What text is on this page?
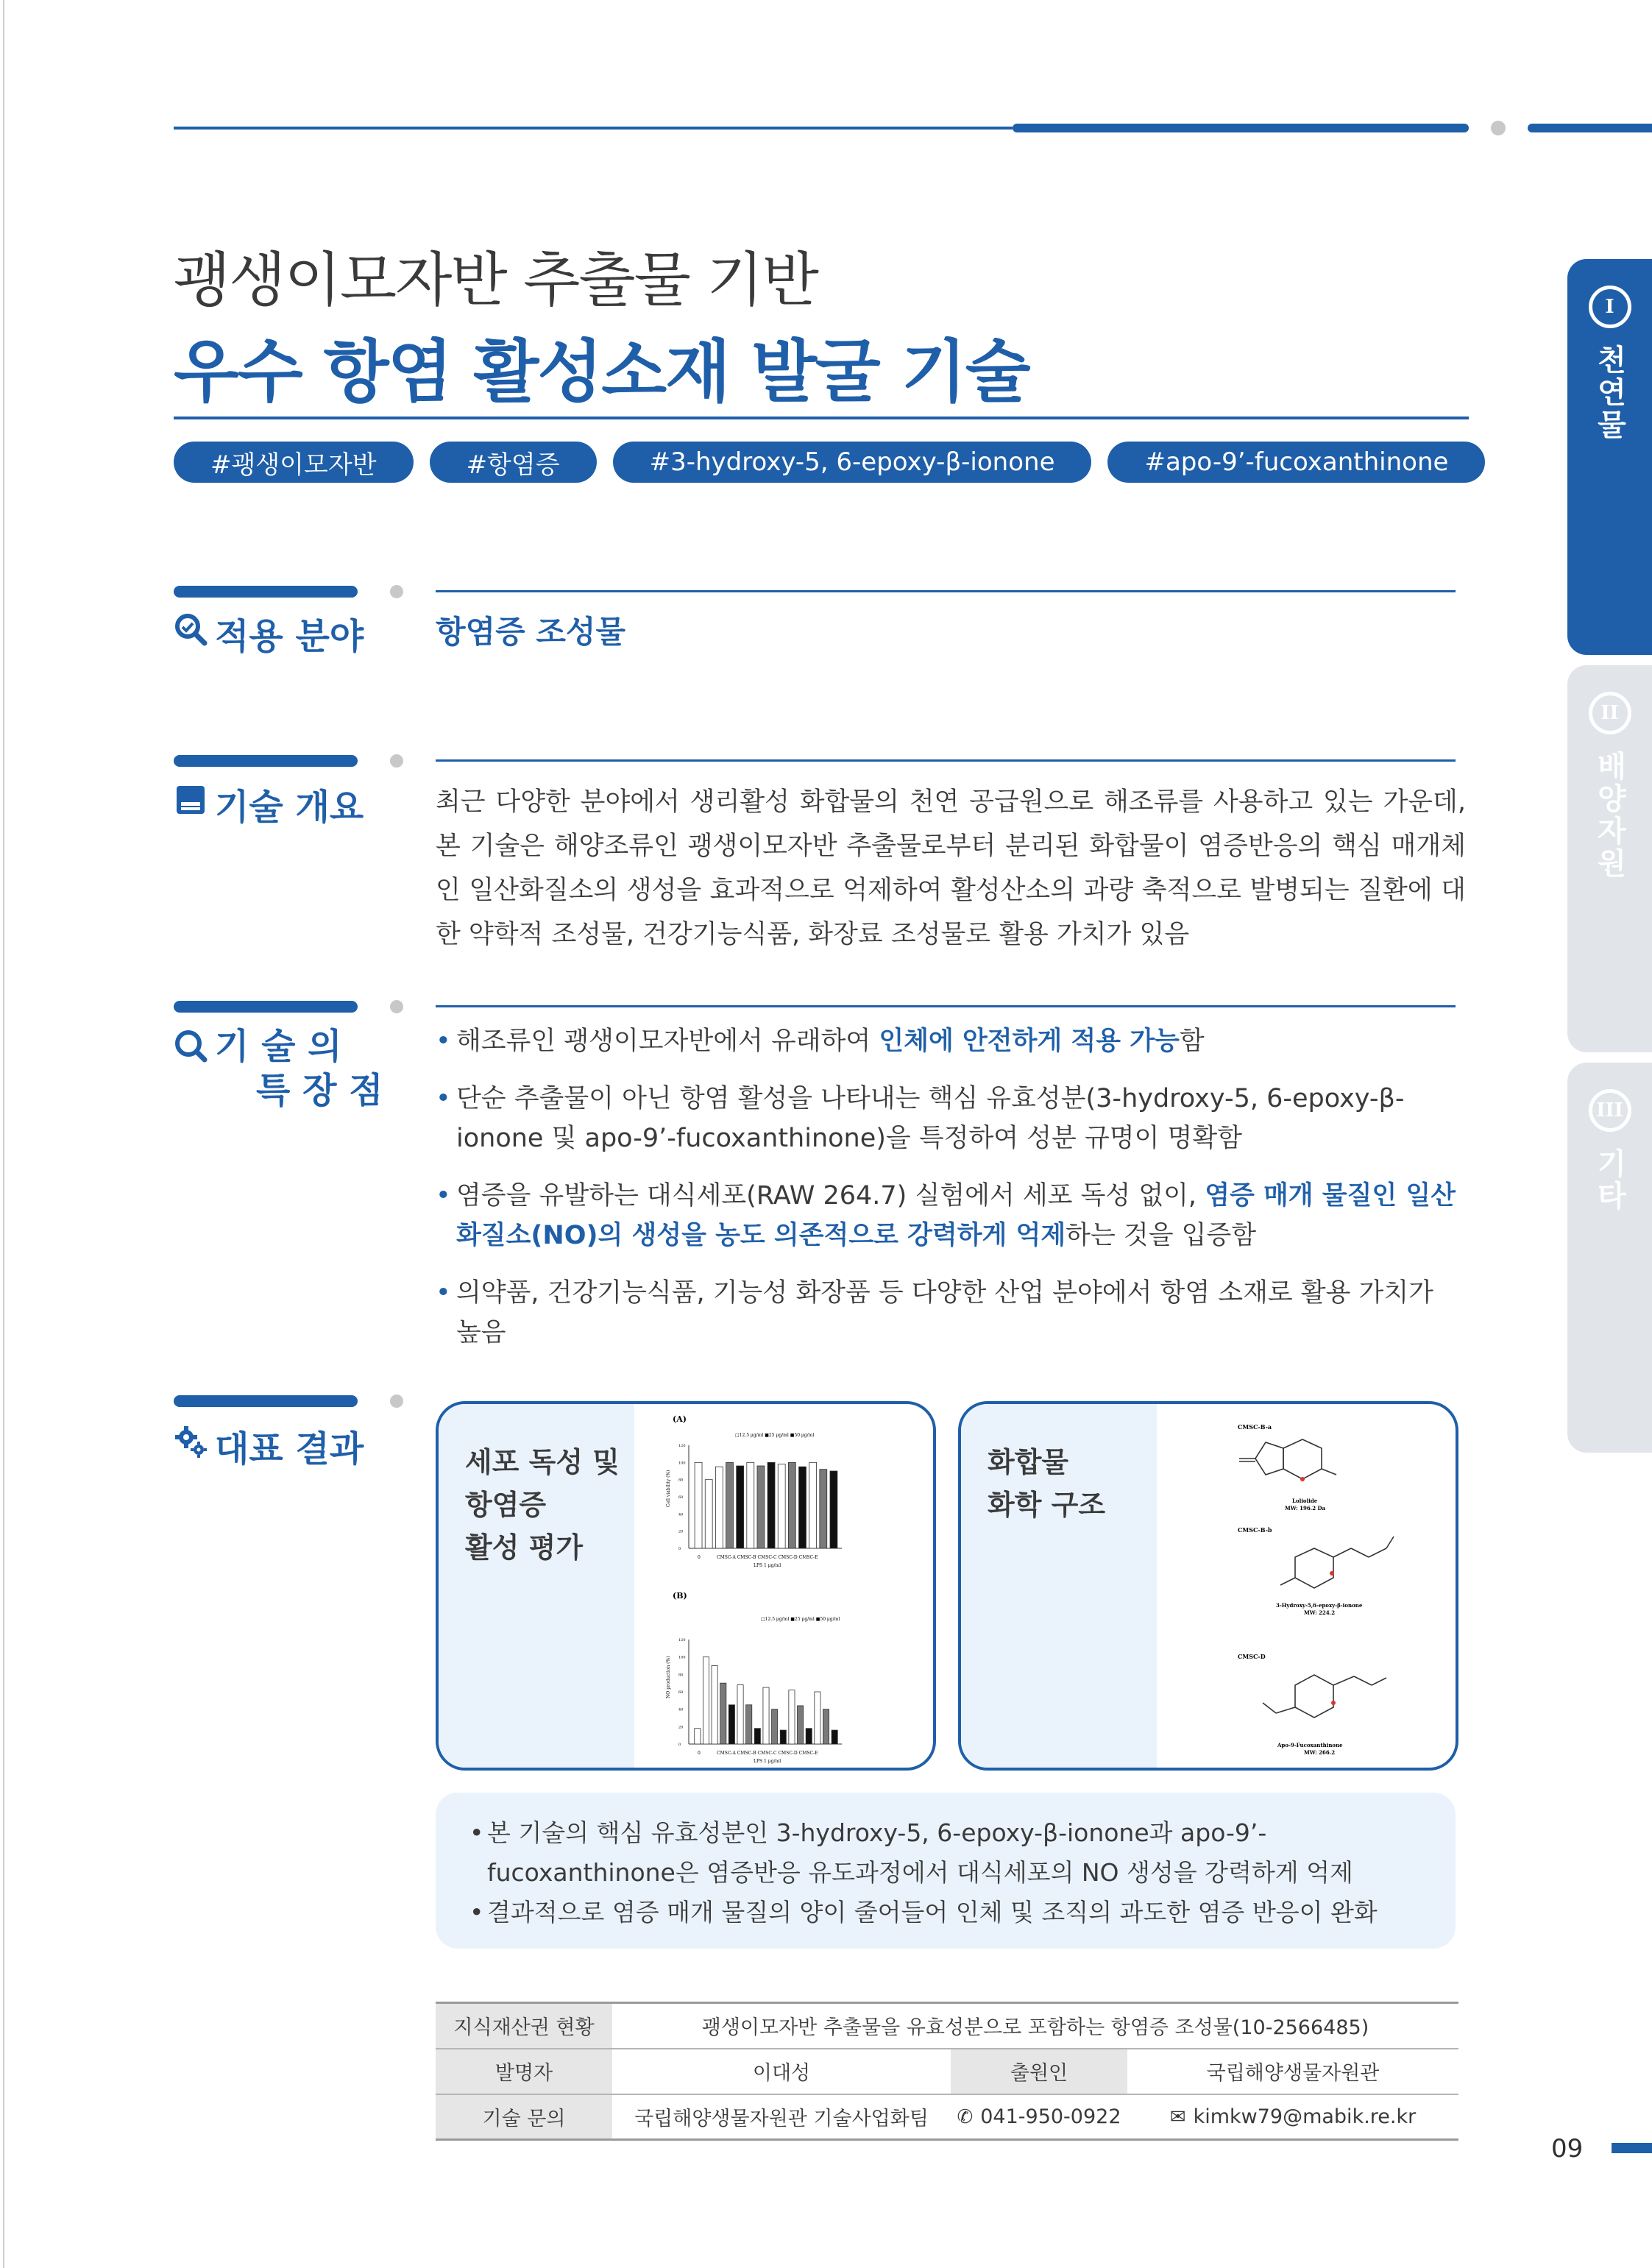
I
천연물
II
배양자원
III
기타
괭생이모자반 추출물 기반
우수 항염 활성소재 발굴 기술
#괭생이모자반	#항염증	#3-hydroxy-5, 6-epoxy-β-ionone	#apo-9’-fucoxanthinone
적용 분야 항염증 조성물
기술 개요	최근 다양한 분야에서 생리활성 화합물의 천연 공급원으로 해조류를 사용하고 있는 가운데, 본 기술은 해양조류인 괭생이모자반 추출물로부터 분리된 화합물이 염증반응의 핵심 매개체인 일산화질소의 생성을 효과적으로 억제하여 활성산소의 과량 축적으로 발병되는 질환에 대한 약학적 조성물, 건강기능식품, 화장료 조성물로 활용 가치가 있음
기 술 의
특 장 점
• 해조류인 괭생이모자반에서 유래하여 인체에 안전하게 적용 가능함
• 단순 추출물이 아닌 항염 활성을 나타내는 핵심 유효성분(3-hydroxy-5, 6-epoxy-β-ionone 및 apo-9’-fucoxanthinone)을 특정하여 성분 규명이 명확함
• 염증을 유발하는 대식세포(RAW 264.7) 실험에서 세포 독성 없이, 염증 매개 물질인 일산화질소(NO)의 생성을 농도 의존적으로 강력하게 억제하는 것을 입증함
• 의약품, 건강기능식품, 기능성 화장품 등 다양한 산업 분야에서 항염 소재로 활용 가치가 높음
대표 결과	세포 독성 및
항염증
활성 평가
(A)
□12.5 μg/ml ■25 μg/ml ■50 μg/ml
120
100
80
60
40
20
0
Cell viability (%)
CMSC-A CMSC-B CMSC-C CMSC-D CMSC-E
0
LPS 1 μg/ml
(B)
□12.5 μg/ml ■25 μg/ml ■50 μg/ml
120
100
80
60
40
20
0
NO production (%)
CMSC-A CMSC-B CMSC-C CMSC-D CMSC-E
0
LPS 1 μg/ml
화합물
화학 구조
CMSC-B-a
Loliolide
MW: 196.2 Da
CMSC-B-b
3-Hydroxy-5,6-epoxy-β-ionone
MW: 224.2
CMSC-D
Apo-9-Fucoxanthinone
MW: 266.2

• 본 기술의 핵심 유효성분인 3-hydroxy-5, 6-epoxy-β-ionone과 apo-9’-fucoxanthinone은 염증반응 유도과정에서 대식세포의 NO 생성을 강력하게 억제

• 결과적으로 염증 매개 물질의 양이 줄어들어 인체 및 조직의 과도한 염증 반응이 완화

지식재산권 현황	괭생이모자반 추출물을 유효성분으로 포함하는 항염증 조성물(10-2566485)		
발명자	이대성	출원인	국립해양생물자원관
기술 문의	국립해양생물자원관 기술사업화팀	✆ 041-950-0922	✉ kimkw79@mabik.re.kr
09
